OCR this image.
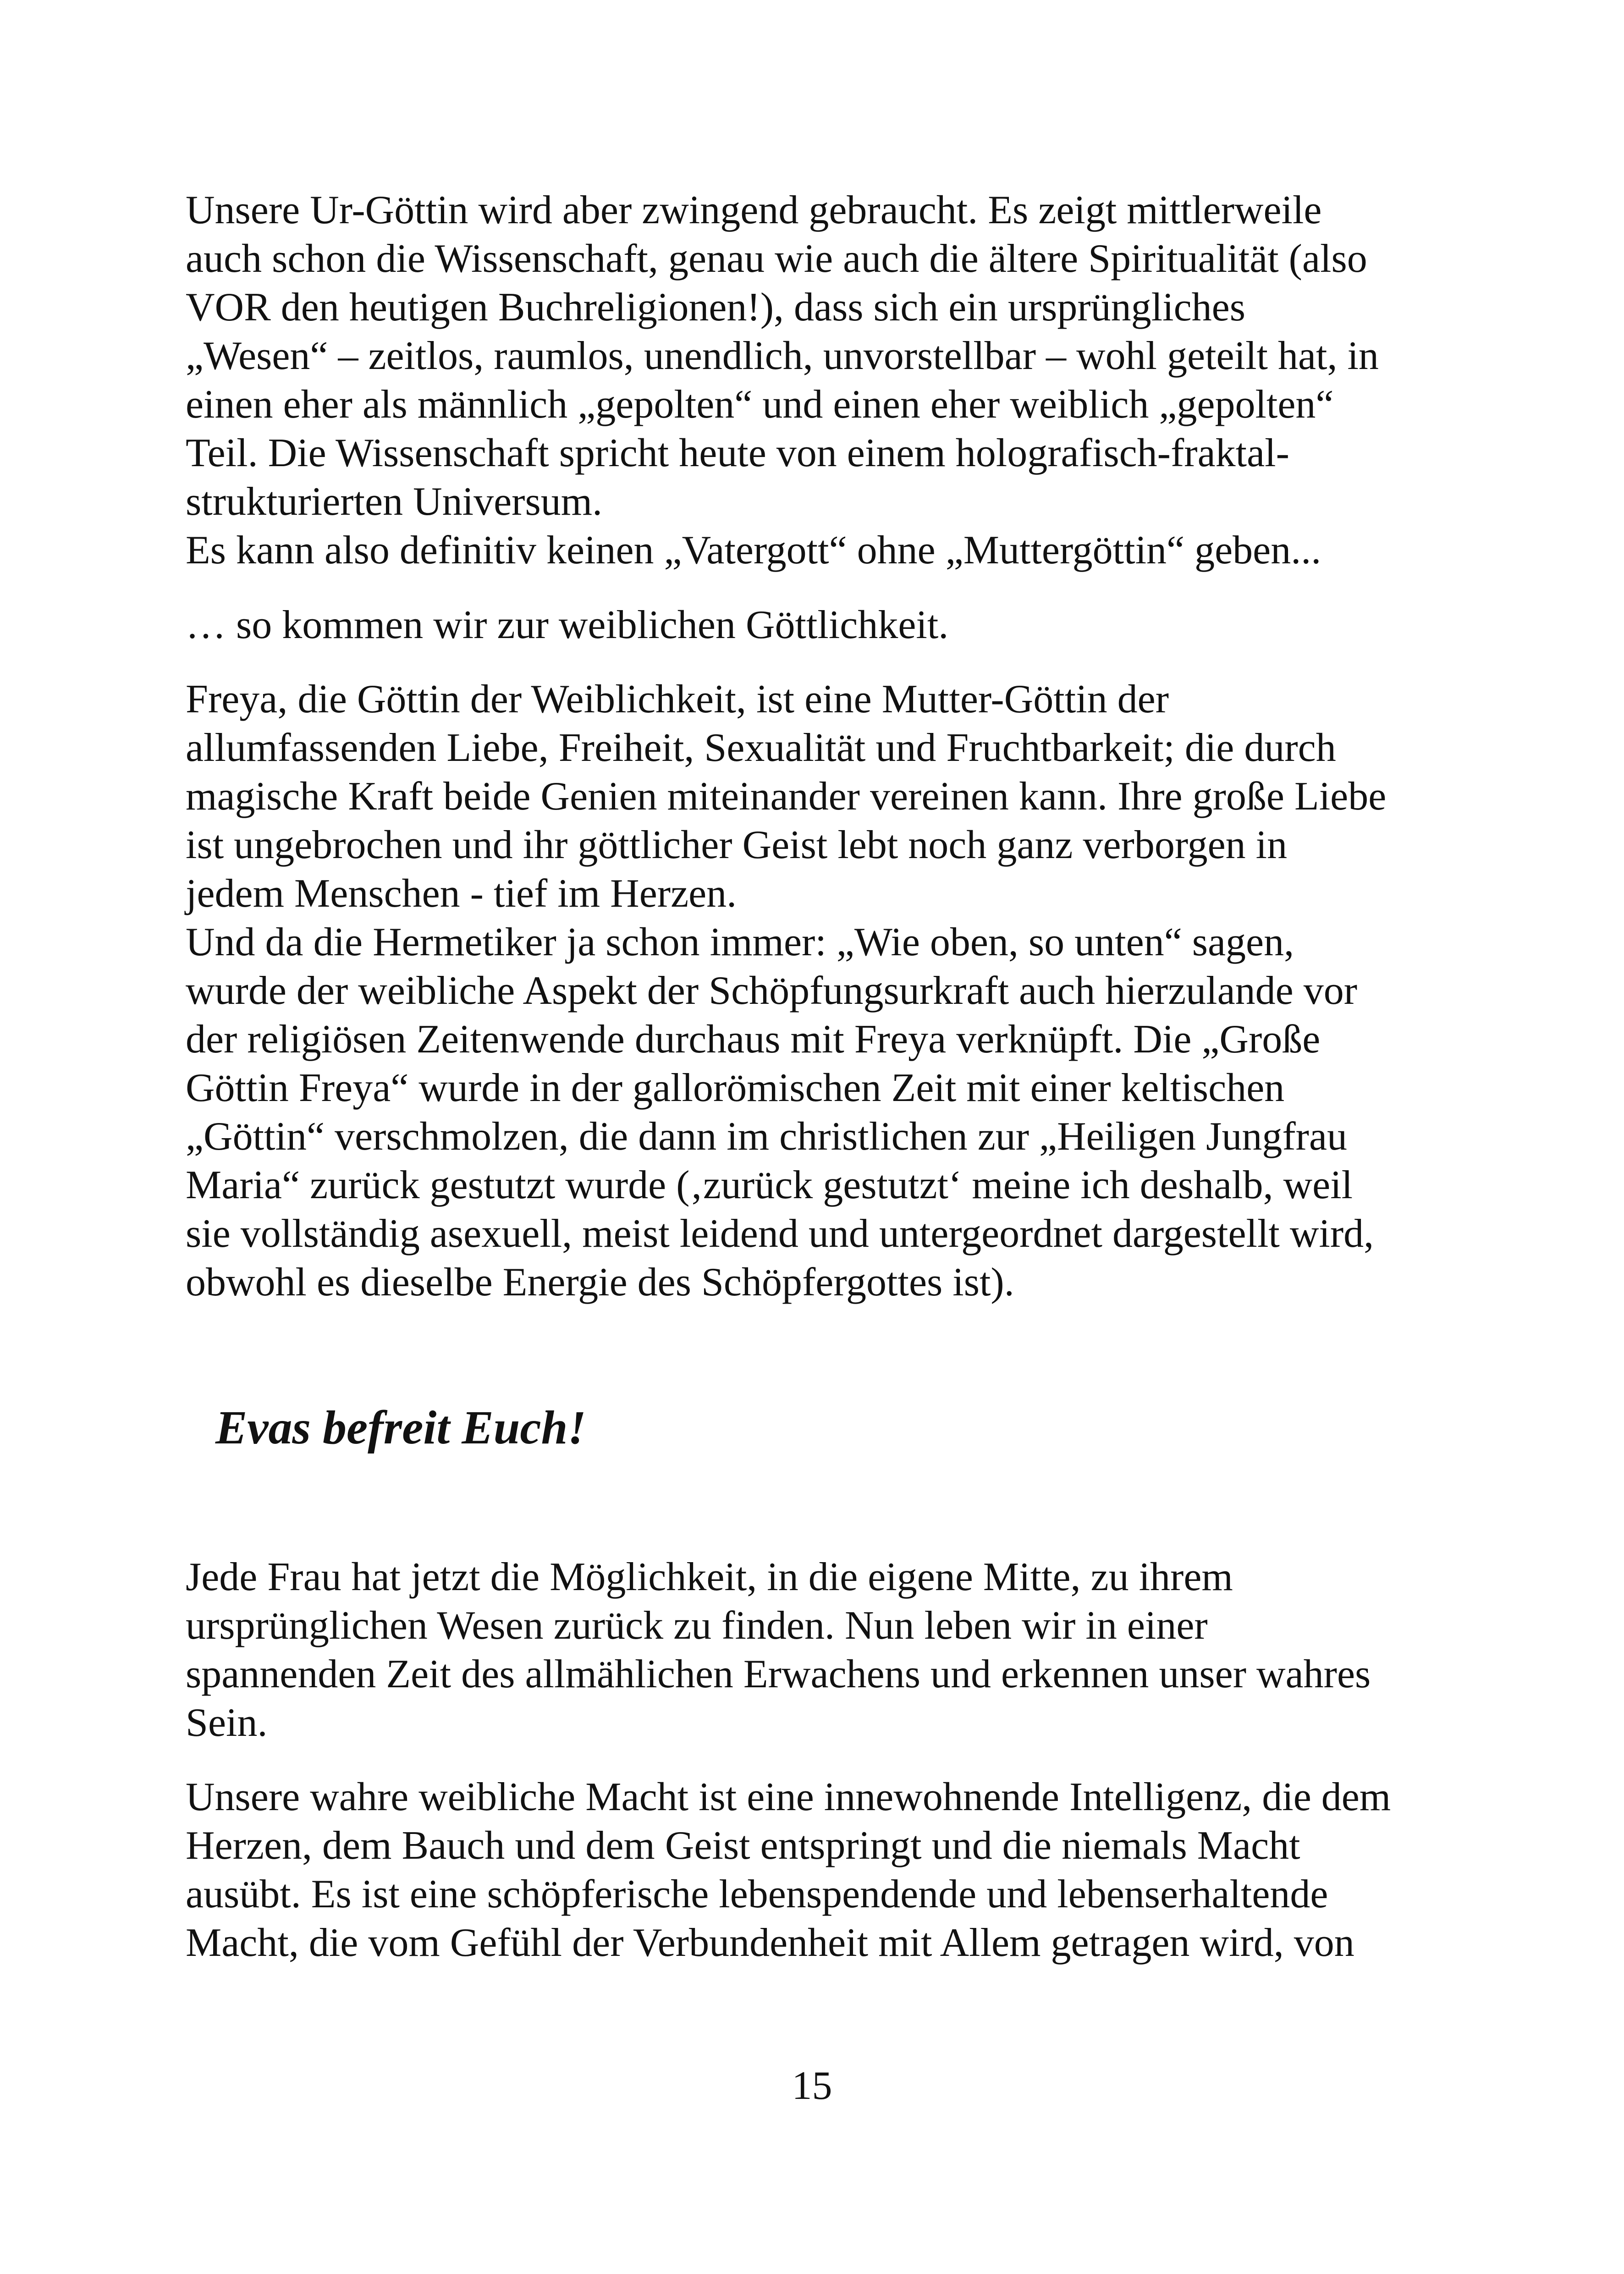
Unsere Ur-Göttin wird aber zwingend gebraucht. Es zeigt mittlerweile
auch schon die Wissenschaft, genau wie auch die ältere Spiritualität (also
VOR den heutigen Buchreligionen!), dass sich ein ursprüngliches
„Wesen“ – zeitlos, raumlos, unendlich, unvorstellbar – wohl geteilt hat, in
einen eher als männlich „gepolten“ und einen eher weiblich „gepolten“
Teil. Die Wissenschaft spricht heute von einem holografisch-fraktal-
strukturierten Universum.
Es kann also definitiv keinen „Vatergott“ ohne „Muttergöttin“ geben...
… so kommen wir zur weiblichen Göttlichkeit.
Freya, die Göttin der Weiblichkeit, ist eine Mutter-Göttin der
allumfassenden Liebe, Freiheit, Sexualität und Fruchtbarkeit; die durch
magische Kraft beide Genien miteinander vereinen kann. Ihre große Liebe
ist ungebrochen und ihr göttlicher Geist lebt noch ganz verborgen in
jedem Menschen - tief im Herzen.
Und da die Hermetiker ja schon immer: „Wie oben, so unten“ sagen,
wurde der weibliche Aspekt der Schöpfungsurkraft auch hierzulande vor
der religiösen Zeitenwende durchaus mit Freya verknüpft. Die „Große
Göttin Freya“ wurde in der gallorömischen Zeit mit einer keltischen
„Göttin“ verschmolzen, die dann im christlichen zur „Heiligen Jungfrau
Maria“ zurück gestutzt wurde (‚zurück gestutzt‘ meine ich deshalb, weil
sie vollständig asexuell, meist leidend und untergeordnet dargestellt wird,
obwohl es dieselbe Energie des Schöpfergottes ist).
Evas befreit Euch!
Jede Frau hat jetzt die Möglichkeit, in die eigene Mitte, zu ihrem
ursprünglichen Wesen zurück zu finden. Nun leben wir in einer
spannenden Zeit des allmählichen Erwachens und erkennen unser wahres
Sein.
Unsere wahre weibliche Macht ist eine innewohnende Intelligenz, die dem
Herzen, dem Bauch und dem Geist entspringt und die niemals Macht
ausübt. Es ist eine schöpferische lebenspendende und lebenserhaltende
Macht, die vom Gefühl der Verbundenheit mit Allem getragen wird, von
15
